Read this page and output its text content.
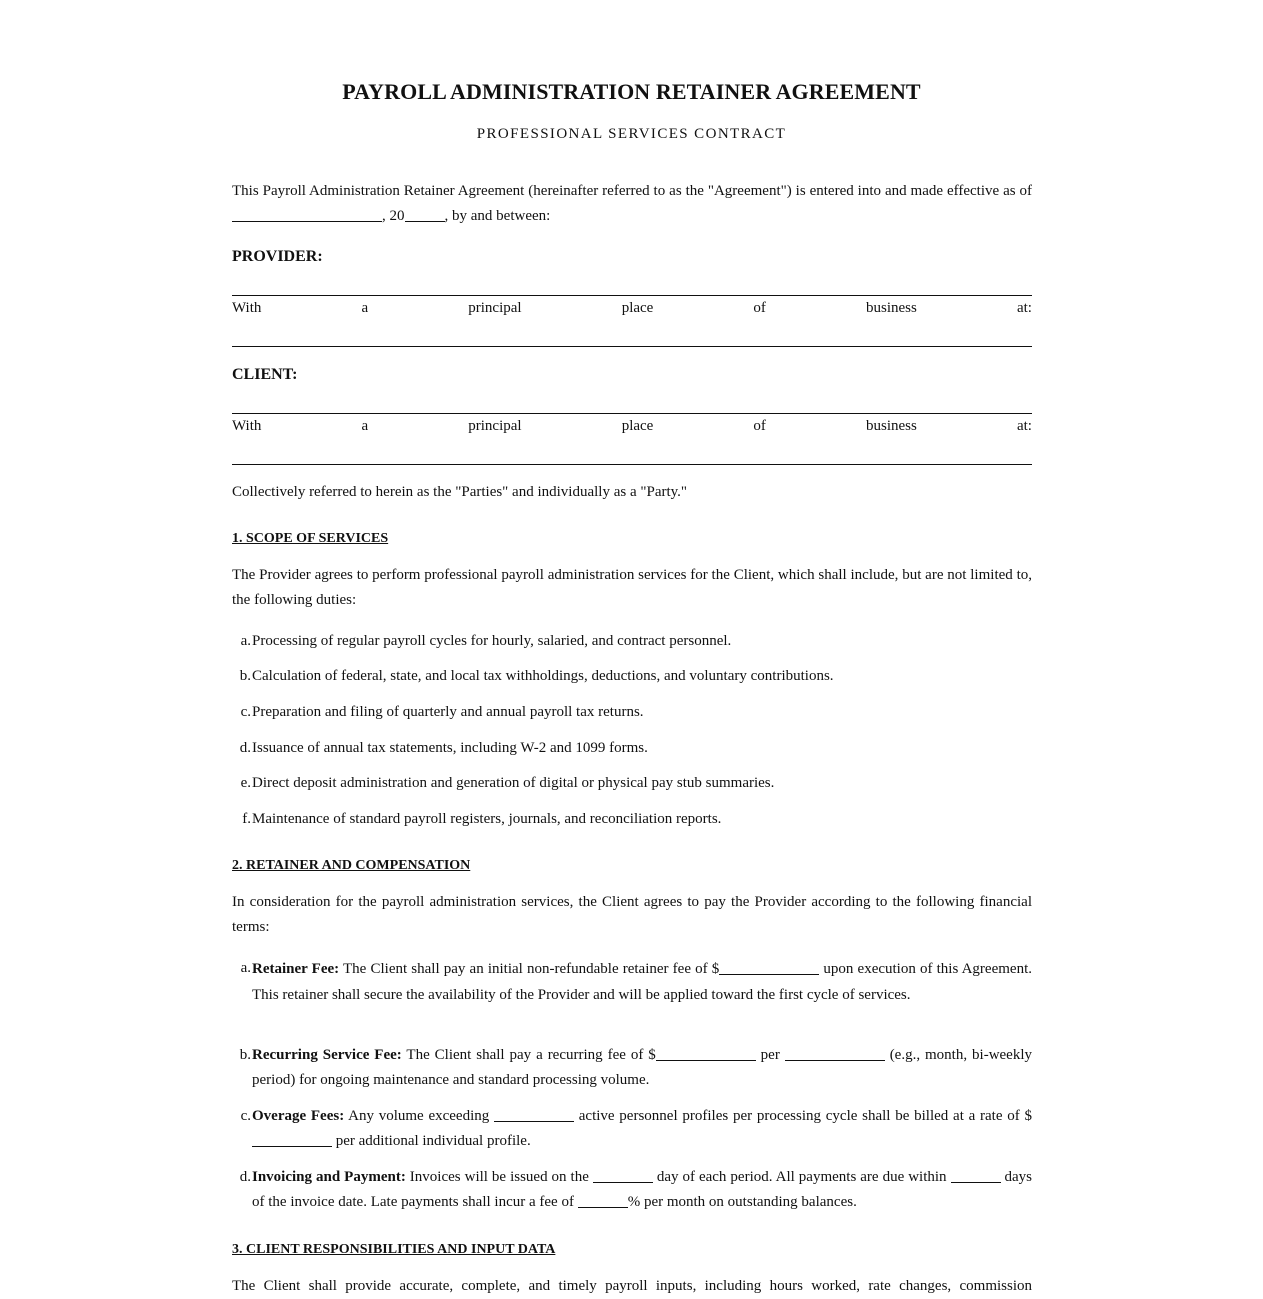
PAYROLL ADMINISTRATION RETAINER AGREEMENT
PROFESSIONAL SERVICES CONTRACT

This Payroll Administration Retainer Agreement (hereinafter referred to as the "Agreement") is entered into and made effective as of , 20	, by and between:

PROVIDER:
With	a	principal	place	of	business	at:
CLIENT:
With	a	principal	place	of	business	at:

Collectively referred to herein as the "Parties" and individually as a "Party."

1. SCOPE OF SERVICES

The Provider agrees to perform professional payroll administration services for the Client, which shall include, but are not limited to, the following duties:

a. Processing of regular payroll cycles for hourly, salaried, and contract personnel.
b. Calculation of federal, state, and local tax withholdings, deductions, and voluntary contributions.
c. Preparation and filing of quarterly and annual payroll tax returns.
d. Issuance of annual tax statements, including W-2 and 1099 forms.
e. Direct deposit administration and generation of digital or physical pay stub summaries.
f. Maintenance of standard payroll registers, journals, and reconciliation reports.
2. RETAINER AND COMPENSATION

In consideration for the payroll administration services, the Client agrees to pay the Provider according to the following financial terms:

a. Retainer Fee: The Client shall pay an initial non-refundable retainer fee of $	upon execution of this Agreement. This retainer shall secure the availability of the Provider and will be applied toward the first cycle of services.
b. Recurring Service Fee: The Client shall pay a recurring fee of $	per	(e.g., month, bi-weekly period) for ongoing maintenance and standard processing volume.
c. Overage Fees: Any volume exceeding	active personnel profiles per processing cycle shall be billed at a rate of $ per additional individual profile.
d. Invoicing and Payment: Invoices will be issued on the	day of each period. All payments are due within	days of the invoice date. Late payments shall incur a fee of	% per month on outstanding balances.
3. CLIENT RESPONSIBILITIES AND INPUT DATA

The Client shall provide accurate, complete, and timely payroll inputs, including hours worked, rate changes, commission
